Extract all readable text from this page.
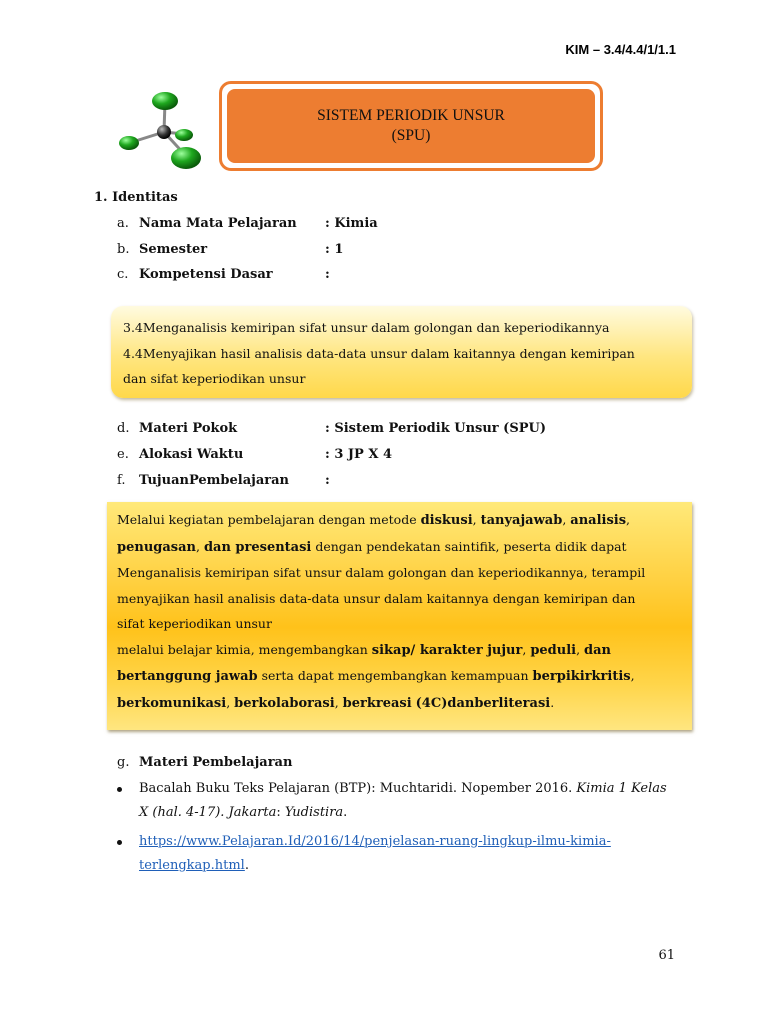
KIM – 3.4/4.4/1/1.1
SISTEM PERIODIK UNSUR
(SPU)
1. Identitas
a. Nama Mata Pelajaran : Kimia
b. Semester	: 1
c. Kompetensi Dasar	:
3.4Menganalisis kemiripan sifat unsur dalam golongan dan keperiodikannya
4.4Menyajikan hasil analisis data-data unsur dalam kaitannya dengan kemiripan
dan sifat keperiodikan unsur
d. Materi Pokok	: Sistem Periodik Unsur (SPU)
e. Alokasi Waktu	: 3 JP X 4
f. TujuanPembelajaran	:
Melalui kegiatan pembelajaran dengan metode diskusi, tanyajawab, analisis,
penugasan, dan presentasi dengan pendekatan saintifik, peserta didik dapat
Menganalisis kemiripan sifat unsur dalam golongan dan keperiodikannya, terampil
menyajikan hasil analisis data-data unsur dalam kaitannya dengan kemiripan dan
sifat keperiodikan unsur
melalui belajar kimia, mengembangkan sikap/ karakter jujur, peduli, dan
bertanggung jawab serta dapat mengembangkan kemampuan berpikirkritis,
berkomunikasi, berkolaborasi, berkreasi (4C)danberliterasi.
g. Materi Pembelajaran
Bacalah Buku Teks Pelajaran (BTP): Muchtaridi. Nopember 2016. Kimia 1 Kelas
X (hal. 4-17). Jakarta: Yudistira.
https://www.Pelajaran.Id/2016/14/penjelasan-ruang-lingkup-ilmu-kimia-
terlengkap.html.
61
